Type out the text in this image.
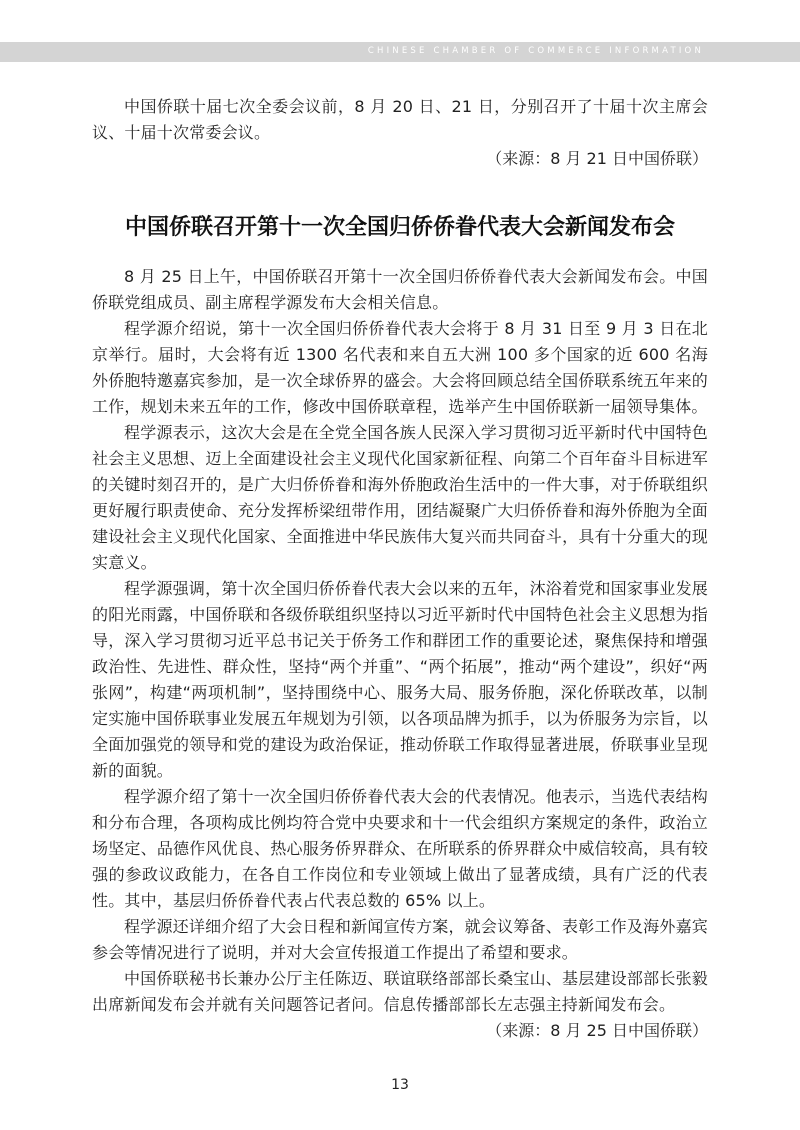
CHINESE CHAMBER OF COMMERCE INFORMATION

中国侨联十届七次全委会议前，8 月 20 日、21 日，分别召开了十届十次主席会议、十届十次常委会议。

（来源：8 月 21 日中国侨联）

中国侨联召开第十一次全国归侨侨眷代表大会新闻发布会

8 月 25 日上午，中国侨联召开第十一次全国归侨侨眷代表大会新闻发布会。中国侨联党组成员、副主席程学源发布大会相关信息。

程学源介绍说，第十一次全国归侨侨眷代表大会将于 8 月 31 日至 9 月 3 日在北京举行。届时，大会将有近 1300 名代表和来自五大洲 100 多个国家的近 600 名海外侨胞特邀嘉宾参加，是一次全球侨界的盛会。大会将回顾总结全国侨联系统五年来的工作，规划未来五年的工作，修改中国侨联章程，选举产生中国侨联新一届领导集体。

程学源表示，这次大会是在全党全国各族人民深入学习贯彻习近平新时代中国特色社会主义思想、迈上全面建设社会主义现代化国家新征程、向第二个百年奋斗目标进军的关键时刻召开的，是广大归侨侨眷和海外侨胞政治生活中的一件大事，对于侨联组织更好履行职责使命、充分发挥桥梁纽带作用，团结凝聚广大归侨侨眷和海外侨胞为全面建设社会主义现代化国家、全面推进中华民族伟大复兴而共同奋斗，具有十分重大的现实意义。

程学源强调，第十次全国归侨侨眷代表大会以来的五年，沐浴着党和国家事业发展的阳光雨露，中国侨联和各级侨联组织坚持以习近平新时代中国特色社会主义思想为指导，深入学习贯彻习近平总书记关于侨务工作和群团工作的重要论述，聚焦保持和增强政治性、先进性、群众性，坚持“两个并重”、“两个拓展”，推动“两个建设”，织好“两张网”，构建“两项机制”，坚持围绕中心、服务大局、服务侨胞，深化侨联改革，以制定实施中国侨联事业发展五年规划为引领，以各项品牌为抓手，以为侨服务为宗旨，以全面加强党的领导和党的建设为政治保证，推动侨联工作取得显著进展，侨联事业呈现新的面貌。

程学源介绍了第十一次全国归侨侨眷代表大会的代表情况。他表示，当选代表结构和分布合理，各项构成比例均符合党中央要求和十一代会组织方案规定的条件，政治立场坚定、品德作风优良、热心服务侨界群众、在所联系的侨界群众中威信较高，具有较强的参政议政能力，在各自工作岗位和专业领域上做出了显著成绩，具有广泛的代表性。其中，基层归侨侨眷代表占代表总数的 65% 以上。

程学源还详细介绍了大会日程和新闻宣传方案，就会议筹备、表彰工作及海外嘉宾参会等情况进行了说明，并对大会宣传报道工作提出了希望和要求。

中国侨联秘书长兼办公厅主任陈迈、联谊联络部部长桑宝山、基层建设部部长张毅出席新闻发布会并就有关问题答记者问。信息传播部部长左志强主持新闻发布会。

（来源：8 月 25 日中国侨联）

13
